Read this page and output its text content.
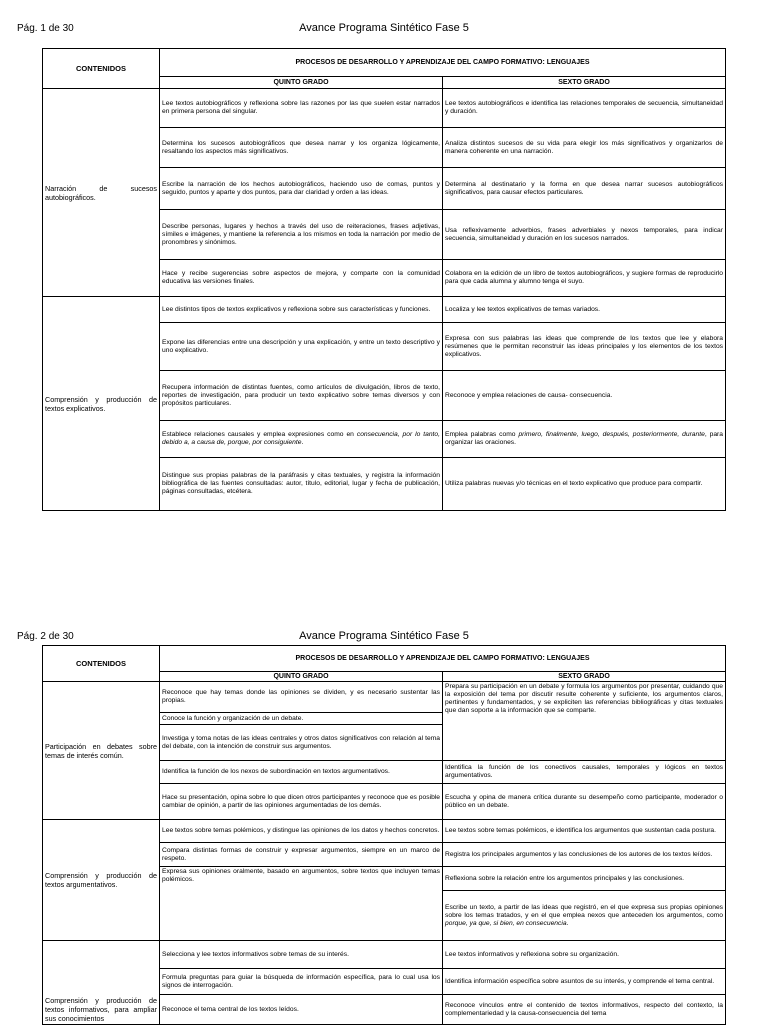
Pág. 1 de 30	Avance Programa Sintético Fase 5
CONTENIDOS	PROCESOS DE DESARROLLO Y APRENDIZAJE DEL CAMPO FORMATIVO: LENGUAJES	
	QUINTO GRADO	SEXTO GRADO
Narración de sucesos autobiográficos.	Lee textos autobiográficos y reflexiona sobre las razones por las que suelen estar narrados en primera persona del singular.	Lee textos autobiográficos e identifica las relaciones temporales de secuencia, simultaneidad y duración.
	Determina los sucesos autobiográficos que desea narrar y los organiza lógicamente, resaltando los aspectos más significativos.	Analiza distintos sucesos de su vida para elegir los más significativos y organizarlos de manera coherente en una narración.
	Escribe la narración de los hechos autobiográficos, haciendo uso de comas, puntos y seguido, puntos y aparte y dos puntos, para dar claridad y orden a las ideas.	Determina al destinatario y la forma en que desea narrar sucesos autobiográficos significativos, para causar efectos particulares.
	Describe personas, lugares y hechos a través del uso de reiteraciones, frases adjetivas, símiles e imágenes, y mantiene la referencia a los mismos en toda la narración por medio de pronombres y sinónimos.	Usa reflexivamente adverbios, frases adverbiales y nexos temporales, para indicar secuencia, simultaneidad y duración en los sucesos narrados.
	Hace y recibe sugerencias sobre aspectos de mejora, y comparte con la comunidad educativa las versiones finales.	Colabora en la edición de un libro de textos autobiográficos, y sugiere formas de reproducirlo para que cada alumna y alumno tenga el suyo.
Comprensión y producción de textos explicativos.	Lee distintos tipos de textos explicativos y reflexiona sobre sus características y funciones.	Localiza y lee textos explicativos de temas variados.
	Expone las diferencias entre una descripción y una explicación, y entre un texto descriptivo y uno explicativo.	Expresa con sus palabras las ideas que comprende de los textos que lee y elabora resúmenes que le permitan reconstruir las ideas principales y los elementos de los textos explicativos.
	Recupera información de distintas fuentes, como artículos de divulgación, libros de texto, reportes de investigación, para producir un texto explicativo sobre temas diversos y con propósitos particulares.	Reconoce y emplea relaciones de causa- consecuencia.
	Establece relaciones causales y emplea expresiones como en consecuencia, por lo tanto, debido a, a causa de, porque, por consiguiente.	Emplea palabras como primero, finalmente, luego, después, posteriormente, durante, para organizar las oraciones.
	Distingue sus propias palabras de la paráfrasis y citas textuales, y registra la información bibliográfica de las fuentes consultadas: autor, título, editorial, lugar y fecha de publicación, páginas consultadas, etcétera.	Utiliza palabras nuevas y/o técnicas en el texto explicativo que produce para compartir.
Pág. 2 de 30	Avance Programa Sintético Fase 5
CONTENIDOS	PROCESOS DE DESARROLLO Y APRENDIZAJE DEL CAMPO FORMATIVO: LENGUAJES	
	QUINTO GRADO	SEXTO GRADO
Participación en debates sobre temas de interés común.	Reconoce que hay temas donde las opiniones se dividen, y es necesario sustentar las propias.	Prepara su participación en un debate y formula los argumentos por presentar, cuidando que la exposición del tema por discutir resulte coherente y suficiente, los argumentos claros, pertinentes y fundamentados, y se expliciten las referencias bibliográficas y citas textuales que dan soporte a la información que se comparte.
	Conoce la función y organización de un debate.	
	Investiga y toma notas de las ideas centrales y otros datos significativos con relación al tema del debate, con la intención de construir sus argumentos.	
	Identifica la función de los nexos de subordinación en textos argumentativos.	Identifica la función de los conectivos causales, temporales y lógicos en textos argumentativos.
	Hace su presentación, opina sobre lo que dicen otros participantes y reconoce que es posible cambiar de opinión, a partir de las opiniones argumentadas de los demás.	Escucha y opina de manera crítica durante su desempeño como participante, moderador o público en un debate.
Comprensión y producción de textos argumentativos.	Lee textos sobre temas polémicos, y distingue las opiniones de los datos y hechos concretos.	Lee textos sobre temas polémicos, e identifica los argumentos que sustentan cada postura.
	Compara distintas formas de construir y expresar argumentos, siempre en un marco de respeto.	Registra los principales argumentos y las conclusiones de los autores de los textos leídos.
	Expresa sus opiniones oralmente, basado en argumentos, sobre textos que incluyen temas polémicos.	Reflexiona sobre la relación entre los argumentos principales y las conclusiones.
		Escribe un texto, a partir de las ideas que registró, en el que expresa sus propias opiniones sobre los temas tratados, y en el que emplea nexos que anteceden los argumentos, como porque, ya que, si bien, en consecuencia.
Comprensión y producción de textos informativos, para ampliar sus conocimientos	Selecciona y lee textos informativos sobre temas de su interés.	Lee textos informativos y reflexiona sobre su organización.
	Formula preguntas para guiar la búsqueda de información específica, para lo cual usa los signos de interrogación.	Identifica información específica sobre asuntos de su interés, y comprende el tema central.
	Reconoce el tema central de los textos leídos.	Reconoce vínculos entre el contenido de textos informativos, respecto del contexto, la complementariedad y la causa-consecuencia del tema
